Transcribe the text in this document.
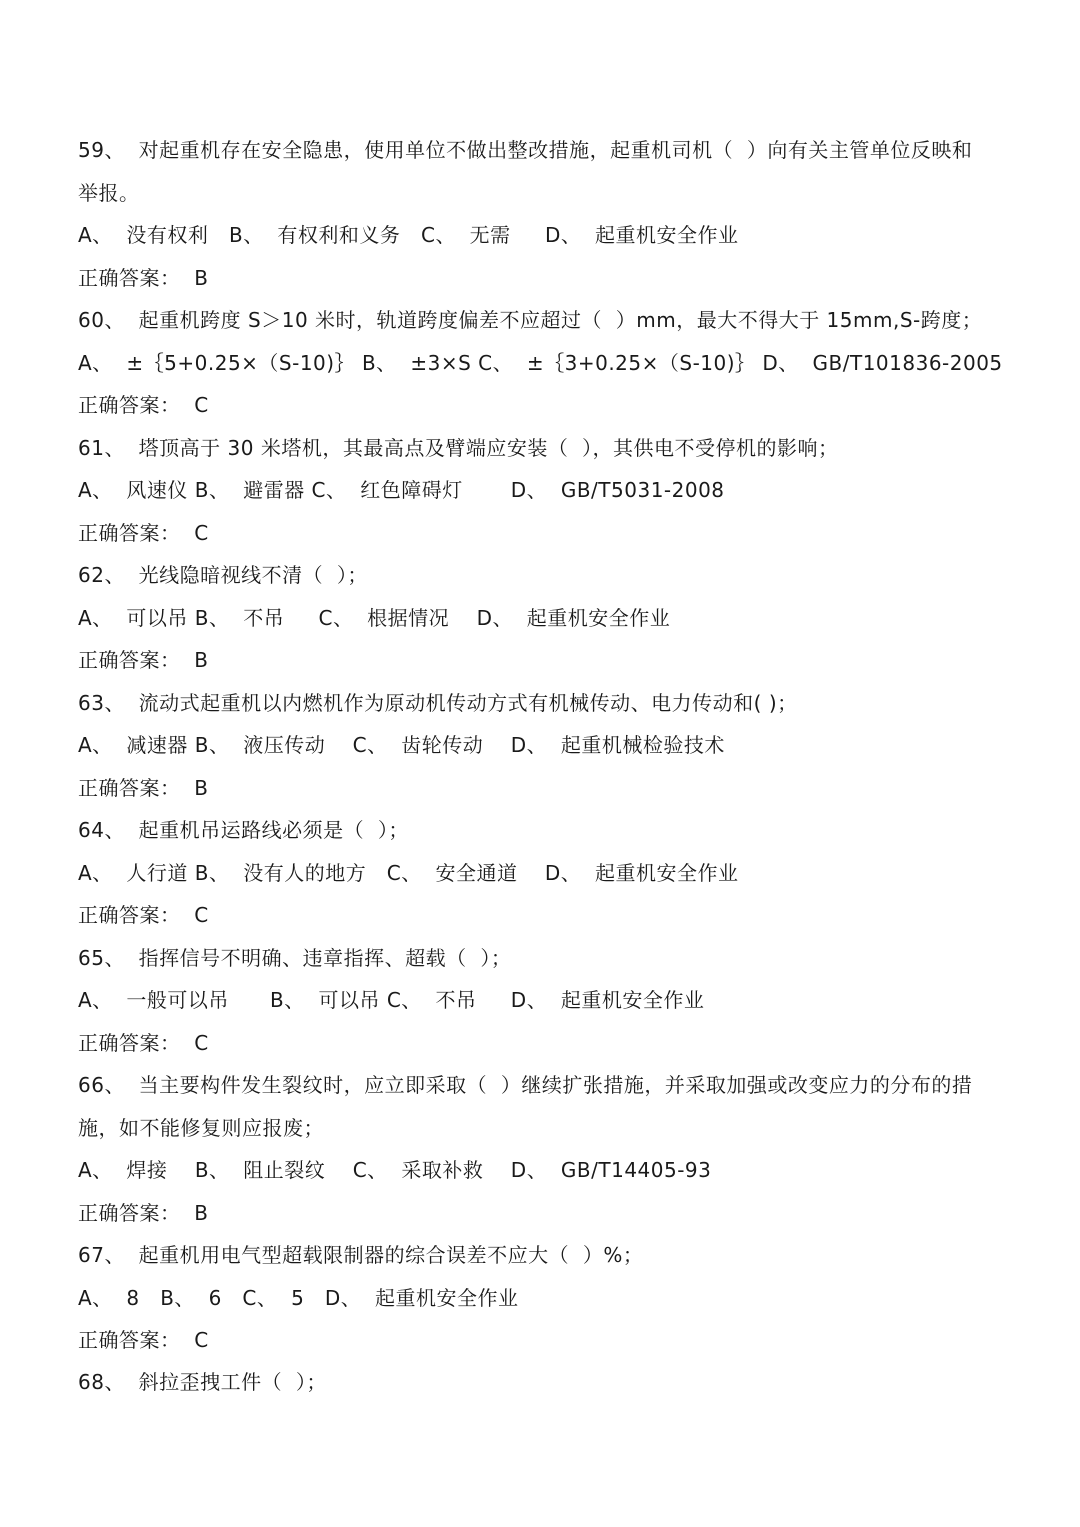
59、  对起重机存在安全隐患，使用单位不做出整改措施，起重机司机（  ）向有关主管单位反映和
举报。
A、  没有权利   B、  有权利和义务   C、  无需     D、  起重机安全作业
正确答案：  B
60、  起重机跨度 S＞10 米时，轨道跨度偏差不应超过（  ）mm，最大不得大于 15mm,S-跨度；
A、  ±｛5+0.25×（S-10)｝ B、  ±3×S C、  ±｛3+0.25×（S-10)｝ D、  GB/T101836-2005
正确答案：  C
61、  塔顶高于 30 米塔机，其最高点及臂端应安装（  ），其供电不受停机的影响；
A、  风速仪 B、  避雷器 C、  红色障碍灯       D、  GB/T5031-2008
正确答案：  C
62、  光线隐暗视线不清（  ）；
A、  可以吊 B、  不吊     C、  根据情况    D、  起重机安全作业
正确答案：  B
63、  流动式起重机以内燃机作为原动机传动方式有机械传动、电力传动和( )；
A、  减速器 B、  液压传动    C、  齿轮传动    D、  起重机械检验技术
正确答案：  B
64、  起重机吊运路线必须是（  ）；
A、  人行道 B、  没有人的地方   C、  安全通道    D、  起重机安全作业
正确答案：  C
65、  指挥信号不明确、违章指挥、超载（  ）；
A、  一般可以吊      B、  可以吊 C、  不吊     D、  起重机安全作业
正确答案：  C
66、  当主要构件发生裂纹时，应立即采取（  ）继续扩张措施，并采取加强或改变应力的分布的措
施，如不能修复则应报废；
A、  焊接    B、  阻止裂纹    C、  采取补救    D、  GB/T14405-93
正确答案：  B
67、  起重机用电气型超载限制器的综合误差不应大（  ）%；
A、  8   B、  6   C、  5   D、  起重机安全作业
正确答案：  C
68、  斜拉歪拽工件（  ）；
